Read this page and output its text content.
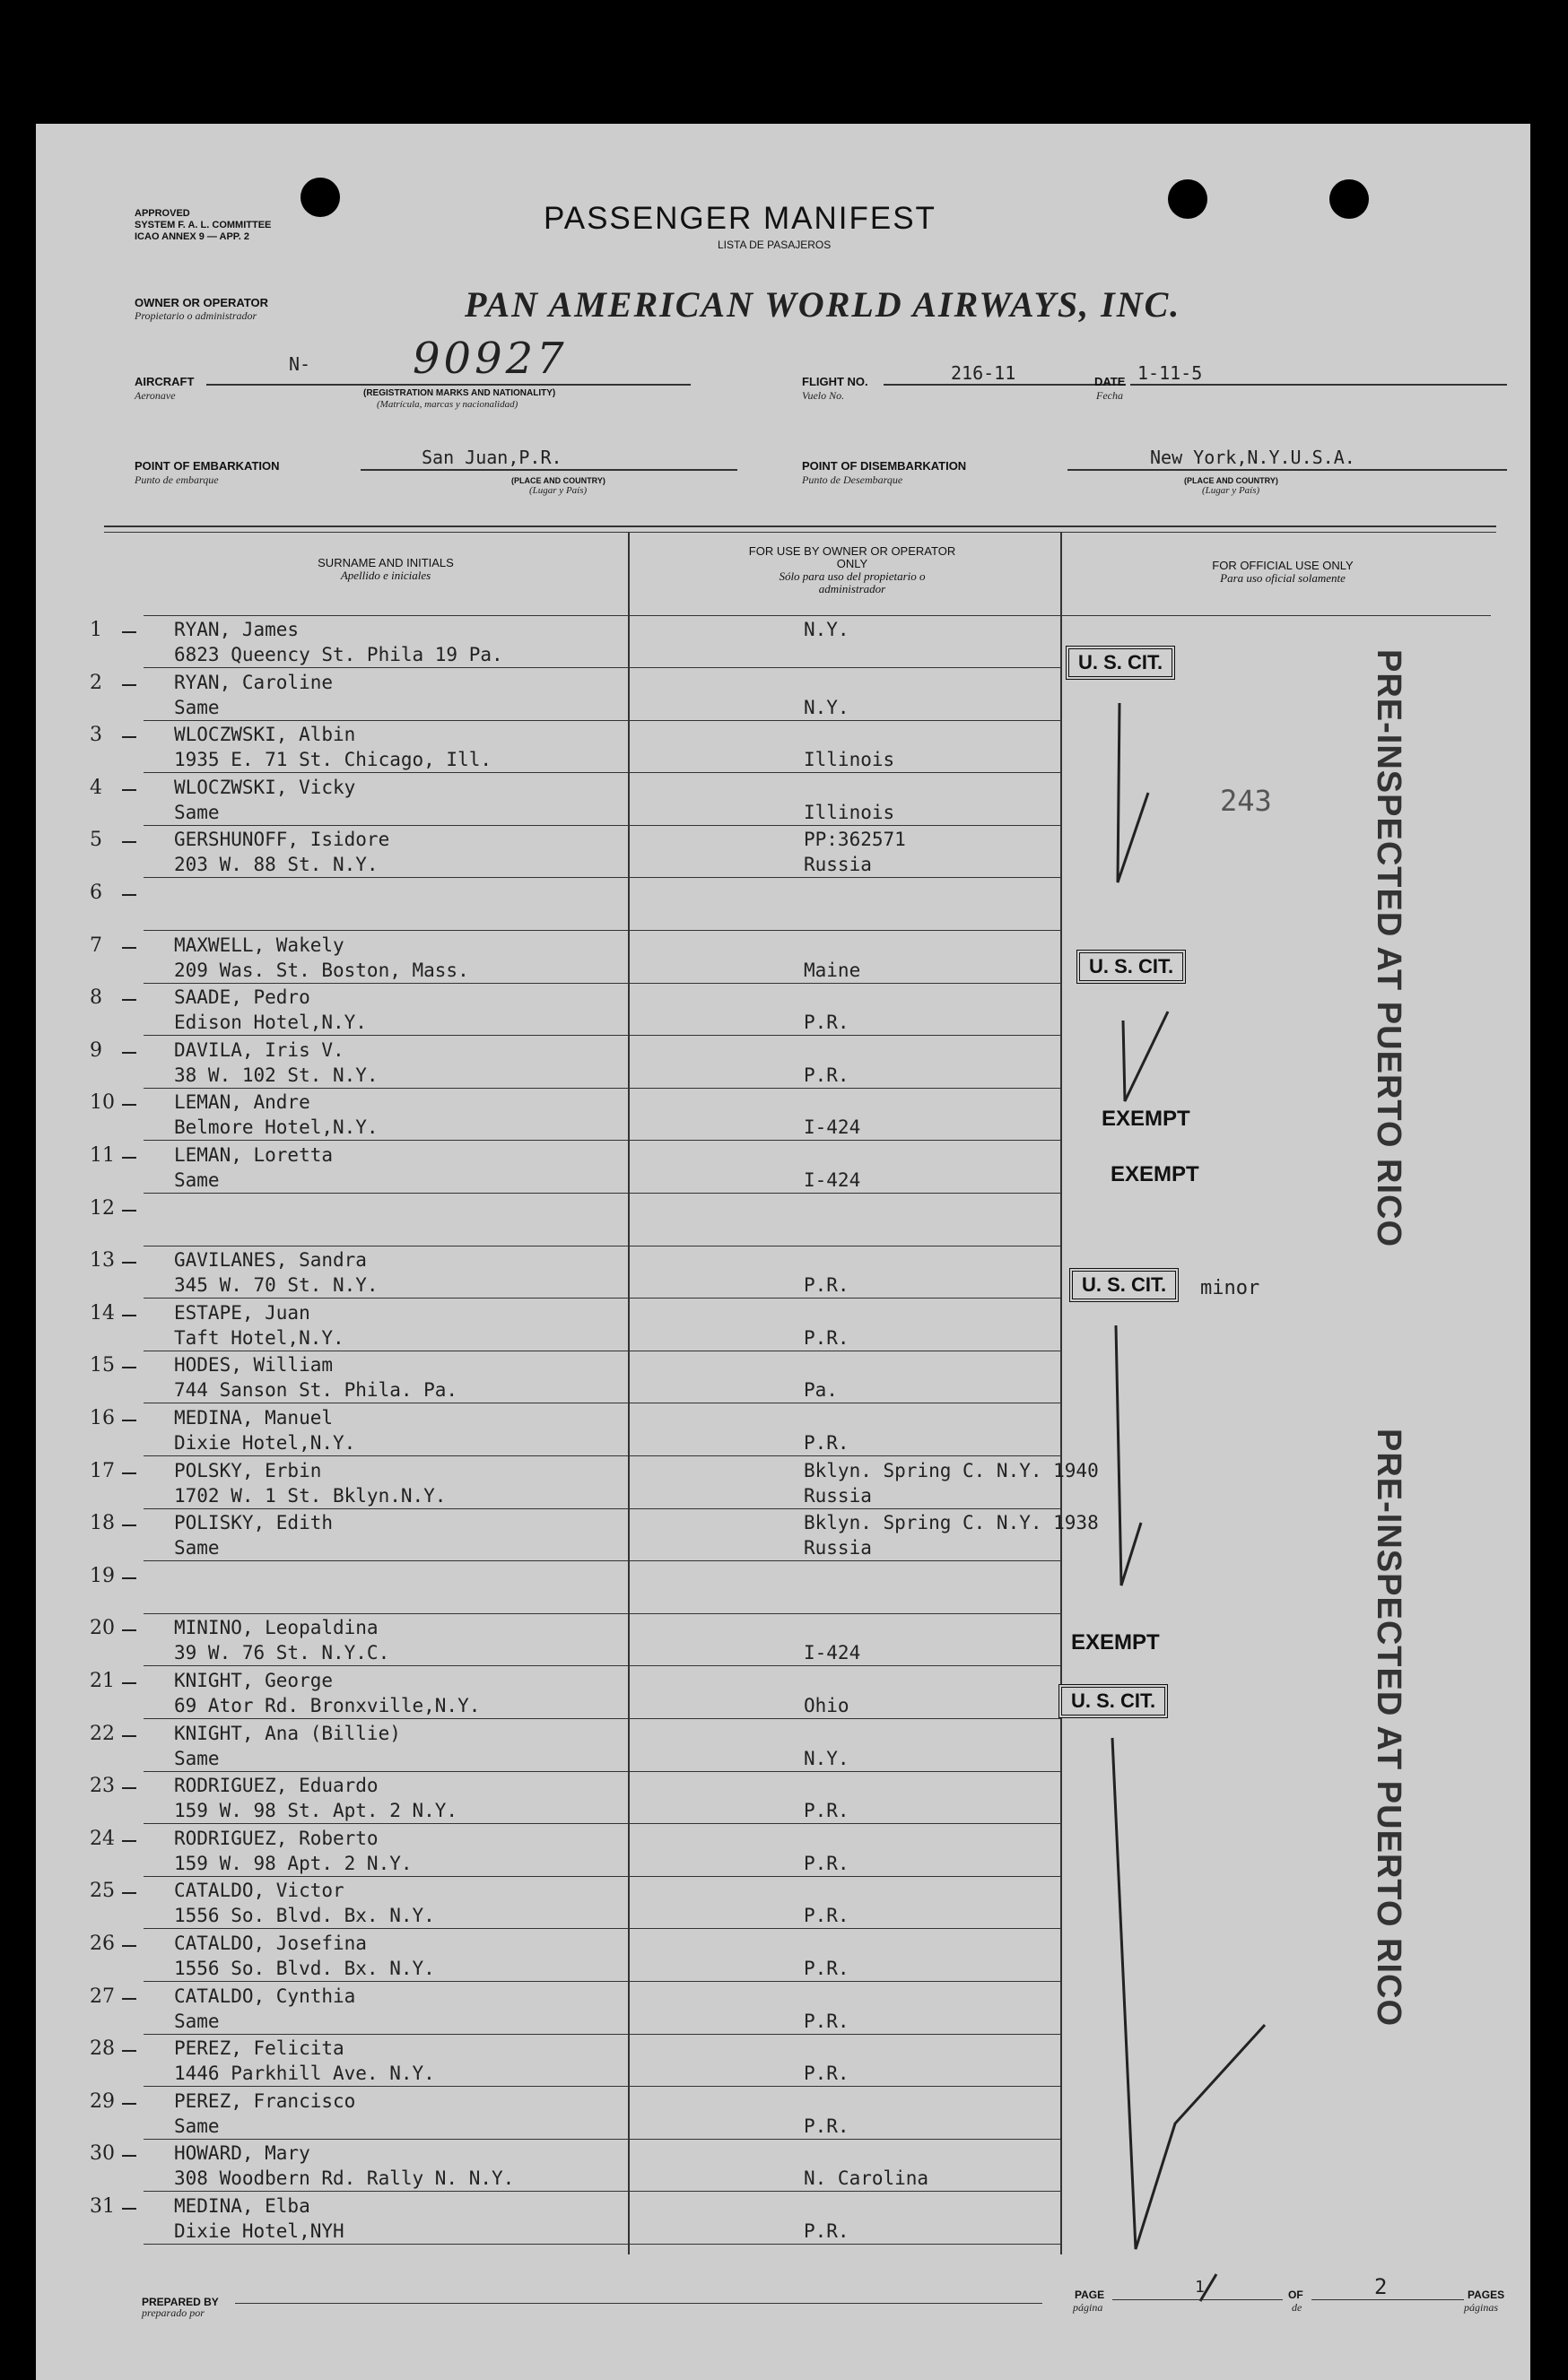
APPROVED
SYSTEM F. A. L. COMMITTEE
ICAO ANNEX 9 — APP. 2
PASSENGER MANIFEST
LISTA DE PASAJEROS
OWNER OR OPERATOR
Propietario o administrador	PAN AMERICAN WORLD AIRWAYS, INC.
AIRCRAFT
Aeronave
N- 90927
(REGISTRATION MARKS AND NATIONALITY)
(Matrícula, marcas y nacionalidad)
FLIGHT NO.
Vuelo No.
216-11	DATE
Fecha
1-11-5
POINT OF EMBARKATION
Punto de embarque
San Juan,P.R.
(PLACE AND COUNTRY)
(Lugar y País)
POINT OF DISEMBARKATION
Punto de Desembarque
New York,N.Y.U.S.A.
(PLACE AND COUNTRY)
(Lugar y País)
SURNAME AND INITIALS
Apellido e iniciales
FOR USE BY OWNER OR OPERATOR ONLY
Sólo para uso del propietario o administrador
FOR OFFICIAL USE ONLY
Para uso oficial solamente
1	RYAN, James
6823 Queency St. Phila 19 Pa.
N.Y.
2	RYAN, Caroline
Same	N.Y.
3	WLOCZWSKI, Albin
1935 E. 71 St. Chicago, Ill.	Illinois
4	WLOCZWSKI, Vicky
Same	Illinois
5	GERSHUNOFF, Isidore
203 W. 88 St. N.Y.
PP:362571
Russia
6
7	MAXWELL, Wakely
209 Was. St. Boston, Mass.	Maine
8	SAADE, Pedro
Edison Hotel,N.Y.	P.R.
9	DAVILA, Iris V.
38 W. 102 St. N.Y.	P.R.
10	LEMAN, Andre
Belmore Hotel,N.Y.	I-424
11	LEMAN, Loretta
Same	I-424
12
13	GAVILANES, Sandra
345 W. 70 St. N.Y.	P.R.
14	ESTAPE, Juan
Taft Hotel,N.Y.	P.R.
15	HODES, William
744 Sanson St. Phila. Pa.	Pa.
16	MEDINA, Manuel
Dixie Hotel,N.Y.	P.R.
17	POLSKY, Erbin
1702 W. 1 St. Bklyn.N.Y.
Bklyn. Spring C. N.Y. 1940
Russia
18	POLISKY, Edith
Same
Bklyn. Spring C. N.Y. 1938
Russia
19
20	MININO, Leopaldina
39 W. 76 St. N.Y.C.	I-424
21	KNIGHT, George
69 Ator Rd. Bronxville,N.Y.	Ohio
22	KNIGHT, Ana (Billie)
Same	N.Y.
23	RODRIGUEZ, Eduardo
159 W. 98 St. Apt. 2 N.Y.	P.R.
24	RODRIGUEZ, Roberto
159 W. 98 Apt. 2 N.Y.	P.R.
25	CATALDO, Victor
1556 So. Blvd. Bx. N.Y.	P.R.
26	CATALDO, Josefina
1556 So. Blvd. Bx. N.Y.	P.R.
27	CATALDO, Cynthia
Same	P.R.
28	PEREZ, Felicita
1446 Parkhill Ave. N.Y.	P.R.
29	PEREZ, Francisco
Same	P.R.
30	HOWARD, Mary
308 Woodbern Rd. Rally N. N.Y.	N. Carolina
31	MEDINA, Elba
Dixie Hotel,NYH	P.R.
U. S. CIT.
U. S. CIT.
U. S. CIT.	minor
U. S. CIT.
EXEMPT
EXEMPT
EXEMPT
243	PRE-INSPECTED AT PUERTO RICO
PRE-INSPECTED AT PUERTO RICO
PREPARED BY
preparado por
PAGE
página
1	OF
de
2	PAGES
páginas
